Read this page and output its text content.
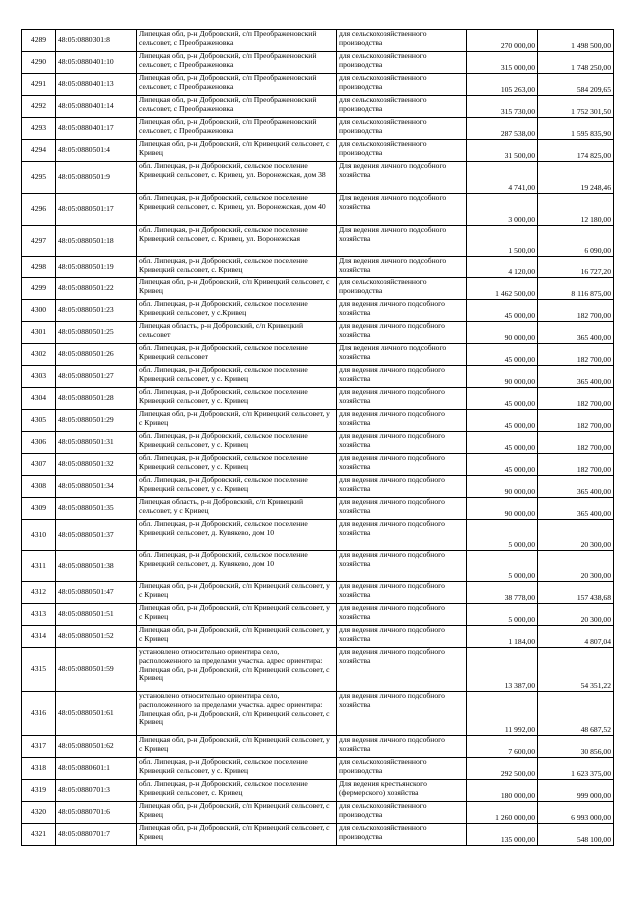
4289	48:05:0880301:8	Липецкая обл, р-н Добровский, с/п Преображеновский сельсовет, с Преображеновка	для сельскохозяйственного производства	270 000,00	1 498 500,00
4290	48:05:0880401:10	Липецкая обл, р-н Добровский, с/п Преображеновский сельсовет, с Преображеновка	для сельскохозяйственного производства	315 000,00	1 748 250,00
4291	48:05:0880401:13	Липецкая обл, р-н Добровский, с/п Преображеновский сельсовет, с Преображеновка	для сельскохозяйственного производства	105 263,00	584 209,65
4292	48:05:0880401:14	Липецкая обл, р-н Добровский, с/п Преображеновский сельсовет, с Преображеновка	для сельскохозяйственного производства	315 730,00	1 752 301,50
4293	48:05:0880401:17	Липецкая обл, р-н Добровский, с/п Преображеновский сельсовет, с Преображеновка	для сельскохозяйственного производства	287 538,00	1 595 835,90
4294	48:05:0880501:4	Липецкая обл, р-н Добровский, с/п Кривецкий сельсовет, с Кривец	для сельскохозяйственного производства	31 500,00	174 825,00
4295	48:05:0880501:9	обл. Липецкая, р-н Добровский, сельское поселение Кривецкий сельсовет, с. Кривец, ул. Воронежская, дом 38	Для ведения личного подсобного хозяйства	4 741,00	19 248,46
4296	48:05:0880501:17	обл. Липецкая, р-н Добровский, сельское поселение Кривецкий сельсовет, с. Кривец, ул. Воронежская, дом 40	Для ведения личного подсобного хозяйства	3 000,00	12 180,00
4297	48:05:0880501:18	обл. Липецкая, р-н Добровский, сельское поселение Кривецкий сельсовет, с. Кривец, ул. Воронежская	Для ведения личного подсобного хозяйства	1 500,00	6 090,00
4298	48:05:0880501:19	обл. Липецкая, р-н Добровский, сельское поселение Кривецкий сельсовет, с. Кривец	Для ведения личного подсобного хозяйства	4 120,00	16 727,20
4299	48:05:0880501:22	Липецкая обл, р-н Добровский, с/п Кривецкий сельсовет, с Кривец	для сельскохозяйственного производства	1 462 500,00	8 116 875,00
4300	48:05:0880501:23	обл. Липецкая, р-н Добровский, сельское поселение Кривецкий сельсовет, у с.Кривец	для ведения личного подсобного хозяйства	45 000,00	182 700,00
4301	48:05:0880501:25	Липецкая область, р-н Добровский, с/п Кривецкий сельсовет	для ведения личного подсобного хозяйства	90 000,00	365 400,00
4302	48:05:0880501:26	обл. Липецкая, р-н Добровский, сельское поселение Кривецкий сельсовет	Для ведения личного подсобного хозяйства	45 000,00	182 700,00
4303	48:05:0880501:27	обл. Липецкая, р-н Добровский, сельское поселение Кривецкий сельсовет, у с. Кривец	для ведения личного подсобного хозяйства	90 000,00	365 400,00
4304	48:05:0880501:28	обл. Липецкая, р-н Добровский, сельское поселение Кривецкий сельсовет, у с. Кривец	для ведения личного подсобного хозяйства	45 000,00	182 700,00
4305	48:05:0880501:29	Липецкая обл, р-н Добровский, с/п Кривецкий сельсовет, у с Кривец	для ведения личного подсобного хозяйства	45 000,00	182 700,00
4306	48:05:0880501:31	обл. Липецкая, р-н Добровский, сельское поселение Кривецкий сельсовет, у с. Кривец	для ведения личного подсобного хозяйства	45 000,00	182 700,00
4307	48:05:0880501:32	обл. Липецкая, р-н Добровский, сельское поселение Кривецкий сельсовет, у с. Кривец	для ведения личного подсобного хозяйства	45 000,00	182 700,00
4308	48:05:0880501:34	обл. Липецкая, р-н Добровский, сельское поселение Кривецкий сельсовет, у с. Кривец	для ведения личного подсобного хозяйства	90 000,00	365 400,00
4309	48:05:0880501:35	Липецкая область, р-н Добровский, с/п Кривецкий сельсовет, у с Кривец	для ведения личного подсобного хозяйства	90 000,00	365 400,00
4310	48:05:0880501:37	обл. Липецкая, р-н Добровский, сельское поселение Кривецкий сельсовет, д. Кувякево, дом 10	для ведения личного подсобного хозяйства	5 000,00	20 300,00
4311	48:05:0880501:38	обл. Липецкая, р-н Добровский, сельское поселение Кривецкий сельсовет, д. Кувякево, дом 10	для ведения личного подсобного хозяйства	5 000,00	20 300,00
4312	48:05:0880501:47	Липецкая обл, р-н Добровский, с/п Кривецкий сельсовет, у с Кривец	для ведения личного подсобного хозяйства	38 778,00	157 438,68
4313	48:05:0880501:51	Липецкая обл, р-н Добровский, с/п Кривецкий сельсовет, у с Кривец	для ведения личного подсобного хозяйства	5 000,00	20 300,00
4314	48:05:0880501:52	Липецкая обл, р-н Добровский, с/п Кривецкий сельсовет, у с Кривец	для ведения личного подсобного хозяйства	1 184,00	4 807,04
4315	48:05:0880501:59	установлено относительно ориентира село, расположенного за пределами участка. адрес ориентира: Липецкая обл, р-н Добровский, с/п Кривецкий сельсовет, с Кривец	для ведения личного подсобного хозяйства	13 387,00	54 351,22
4316	48:05:0880501:61	установлено относительно ориентира село, расположенного за пределами участка. адрес ориентира: Липецкая обл, р-н Добровский, с/п Кривецкий сельсовет, с Кривец	для ведения личного подсобного хозяйства	11 992,00	48 687,52
4317	48:05:0880501:62	Липецкая обл, р-н Добровский, с/п Кривецкий сельсовет, у с Кривец	для ведения личного подсобного хозяйства	7 600,00	30 856,00
4318	48:05:0880601:1	обл. Липецкая, р-н Добровский, сельское поселение Кривецкий сельсовет, у с. Кривец	для сельскохозяйственного производства	292 500,00	1 623 375,00
4319	48:05:0880701:3	обл. Липецкая, р-н Добровский, сельское поселение Кривецкий сельсовет, с. Кривец	Для ведения крестьянского (фермерского) хозяйства	180 000,00	999 000,00
4320	48:05:0880701:6	Липецкая обл, р-н Добровский, с/п Кривецкий сельсовет, с Кривец	для сельскохозяйственного производства	1 260 000,00	6 993 000,00
4321	48:05:0880701:7	Липецкая обл, р-н Добровский, с/п Кривецкий сельсовет, с Кривец	для сельскохозяйственного производства	135 000,00	548 100,00
